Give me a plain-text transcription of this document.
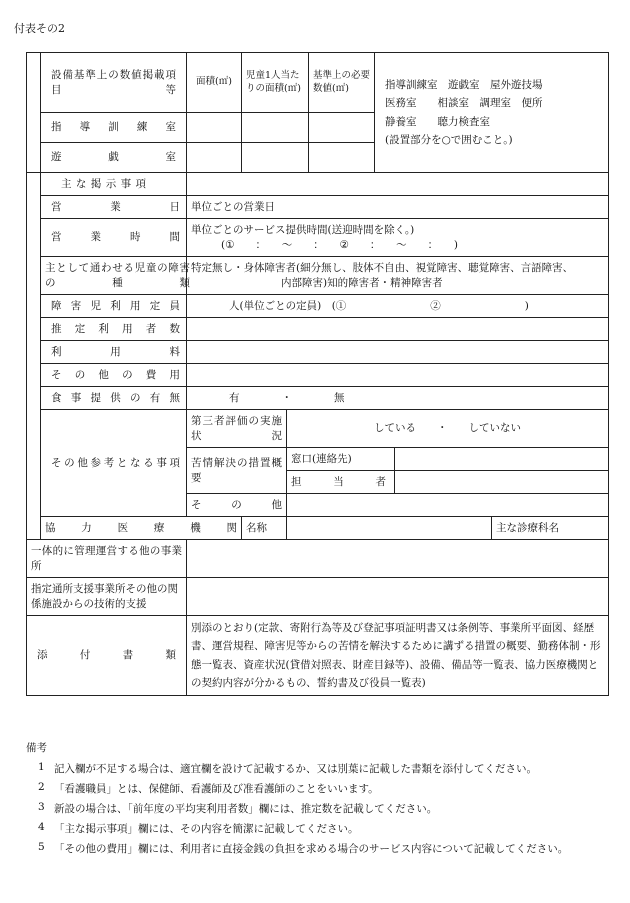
付表その2

	設備基準上の数値掲載項目等	面積(㎡)	児童1人当たりの面積(㎡)		基準上の必要数値(㎡)	指導訓練室　遊戯室　屋外遊技場
医務室　　相談室　調理室　便所
静養室　　聴力検査室
(設置部分を○で囲むこと。)			

	指導訓練室								

	遊戯室								

	主な掲示事項								

	営業日	単位ごとの営業日							

	営業時間	単位ごとのサービス提供時間(送迎時間を除く。)
(①　　：　　～　　：　　②　　：　　～　　：　　)							

	主として通わせる児童の障害の種類	特定無し・身体障害者(細分無し、肢体不自由、視覚障害、聴覚障害、言語障害、
内部障害)知的障害者・精神障害者							

	障害児利用定員	人(単位ごとの定員)　(①　　　　　　　　②　　　　　　　　)							

	推定利用者数								

	利用料								

	その他の費用								

	食事提供の有無	有　　　　・　　　　無							

	その他参考となる事項	第三者評価の実施状況		している　　・　　していない					

		苦情解決の措置概要		窓口(連絡先)					

				担当者					

		その他							

	協力医療機関		名称					主な診療科名	

一体的に管理運営する他の事業所									

指定通所支援事業所その他の関係施設からの技術的支援									

添付書類		別添のとおり(定款、寄附行為等及び登記事項証明書又は条例等、事業所平面図、経歴書、運営規程、障害児等からの苦情を解決するために講ずる措置の概要、勤務体制・形態一覧表、資産状況(貸借対照表、財産目録等)、設備、備品等一覧表、協力医療機関との契約内容が分かるもの、誓約書及び役員一覧表)							
備考
1 記入欄が不足する場合は、適宜欄を設けて記載するか、又は別葉に記載した書類を添付してください。
2 「看護職員」とは、保健師、看護師及び准看護師のことをいいます。
3 新設の場合は、「前年度の平均実利用者数」欄には、推定数を記載してください。
4 「主な掲示事項」欄には、その内容を簡潔に記載してください。
5 「その他の費用」欄には、利用者に直接金銭の負担を求める場合のサービス内容について記載してください。
